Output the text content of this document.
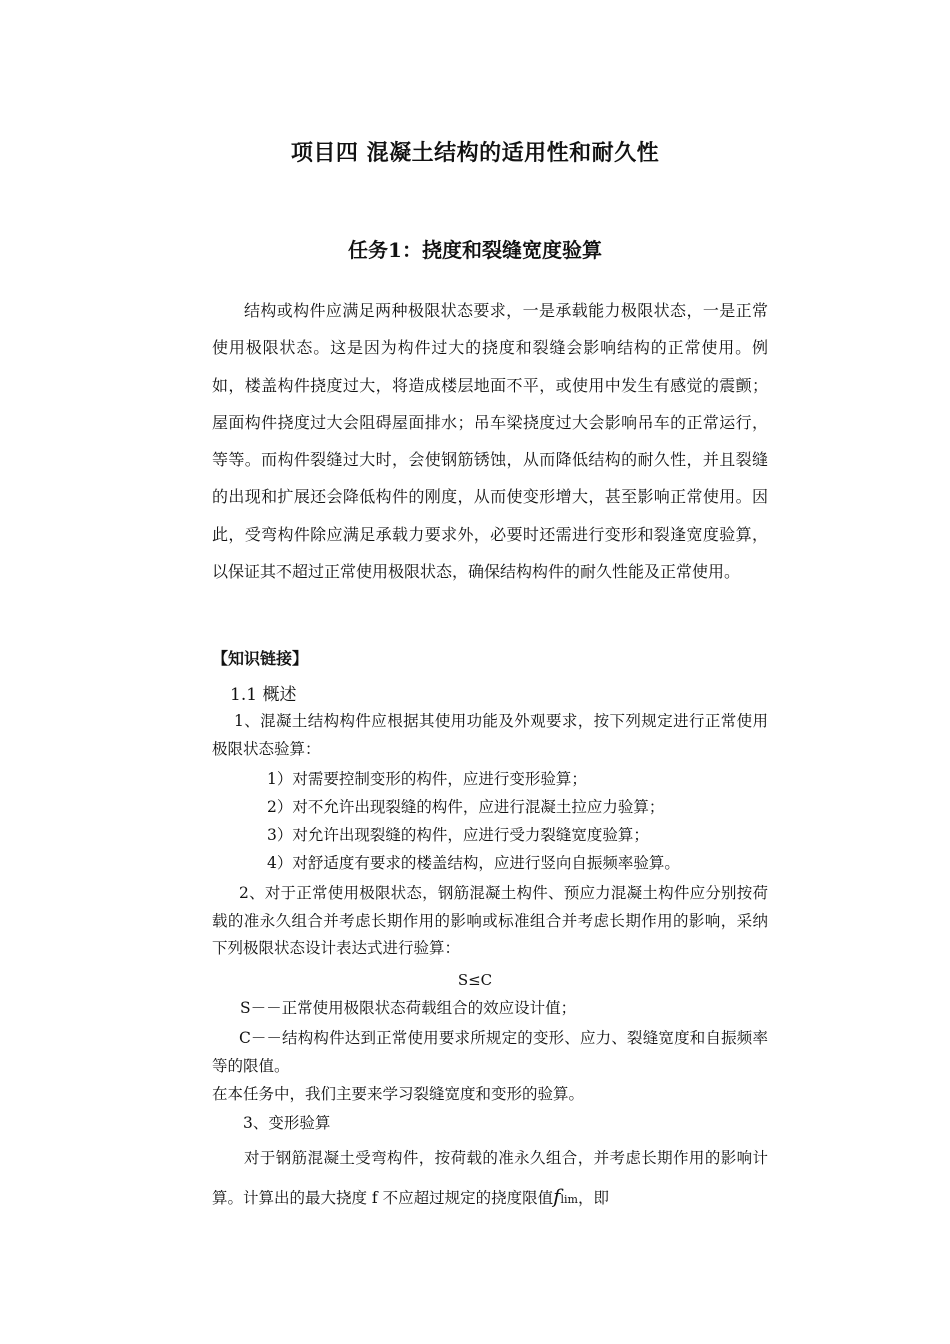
项目四 混凝土结构的适用性和耐久性
任务1：挠度和裂缝宽度验算

结构或构件应满足两种极限状态要求，一是承载能力极限状态，一是正常使用极限状态。这是因为构件过大的挠度和裂缝会影响结构的正常使用。例如，楼盖构件挠度过大，将造成楼层地面不平，或使用中发生有感觉的震颤；屋面构件挠度过大会阻碍屋面排水；吊车梁挠度过大会影响吊车的正常运行，等等。而构件裂缝过大时，会使钢筋锈蚀，从而降低结构的耐久性，并且裂缝的出现和扩展还会降低构件的刚度，从而使变形增大，甚至影响正常使用。因此，受弯构件除应满足承载力要求外，必要时还需进行变形和裂逢宽度验算，以保证其不超过正常使用极限状态，确保结构构件的耐久性能及正常使用。

【知识链接】
1.1 概述
1、混凝土结构构件应根据其使用功能及外观要求，按下列规定进行正常使用极限状态验算：
1）对需要控制变形的构件，应进行变形验算；
2）对不允许出现裂缝的构件，应进行混凝土拉应力验算；
3）对允许出现裂缝的构件，应进行受力裂缝宽度验算；
4）对舒适度有要求的楼盖结构，应进行竖向自振频率验算。
2、对于正常使用极限状态，钢筋混凝土构件、预应力混凝土构件应分别按荷载的准永久组合并考虑长期作用的影响或标准组合并考虑长期作用的影响，采纳下列极限状态设计表达式进行验算：
S≤C
S－－正常使用极限状态荷载组合的效应设计值；
C－－结构构件达到正常使用要求所规定的变形、应力、裂缝宽度和自振频率等的限值。
在本任务中，我们主要来学习裂缝宽度和变形的验算。
3、变形验算
对于钢筋混凝土受弯构件，按荷载的准永久组合，并考虑长期作用的影响计算。计算出的最大挠度 f 不应超过规定的挠度限值flim，即
